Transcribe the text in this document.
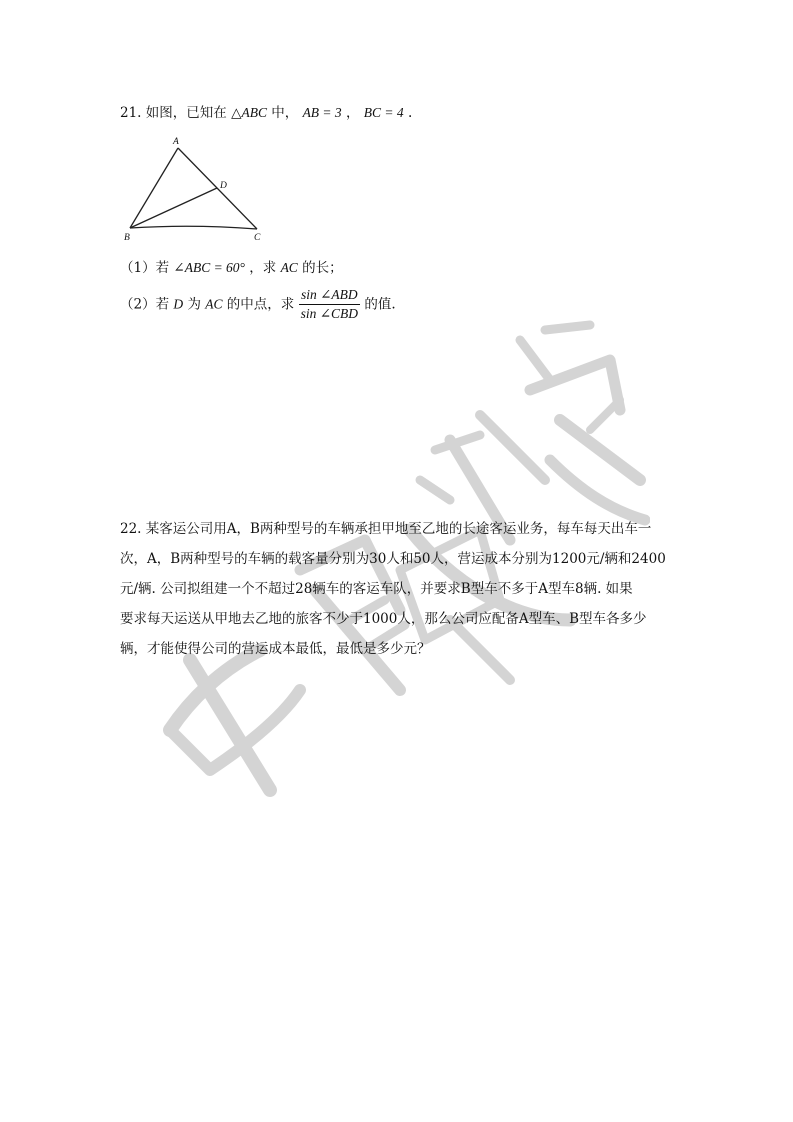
21. 如图，已知在 △ABC 中， AB = 3 ， BC = 4 .
A
B	C
D
（1）若 ∠ABC = 60° ，求 AC 的长；
（2）若 D 为 AC 的中点，求 $\frac{\text{sin ∠ABD}}{\text{sin ∠CBD}}$ 的值.
22. 某客运公司用A，B两种型号的车辆承担甲地至乙地的长途客运业务，每车每天出车一
次，A，B两种型号的车辆的载客量分别为30人和50人，营运成本分别为1200元/辆和2400
元/辆. 公司拟组建一个不超过28辆车的客运车队，并要求B型车不多于A型车8辆. 如果
要求每天运送从甲地去乙地的旅客不少于1000人，那么公司应配备A型车、B型车各多少
辆，才能使得公司的营运成本最低，最低是多少元？
